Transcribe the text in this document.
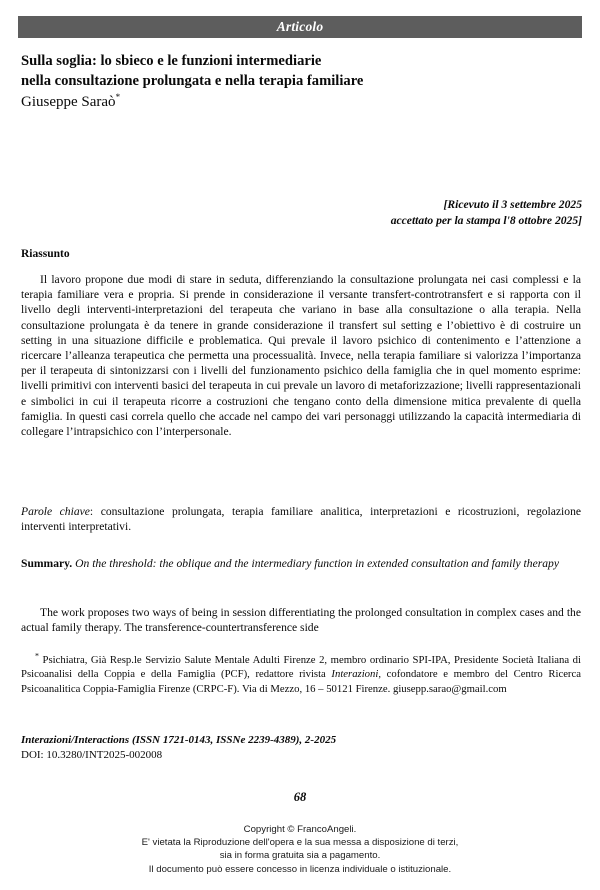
Articolo
Sulla soglia: lo sbieco e le funzioni intermediarie
nella consultazione prolungata e nella terapia familiare
Giuseppe Saraò*
[Ricevuto il 3 settembre 2025
accettato per la stampa l'8 ottobre 2025]
Riassunto

Il lavoro propone due modi di stare in seduta, differenziando la consultazione prolungata nei casi complessi e la terapia familiare vera e propria. Si prende in considerazione il versante transfert-controtransfert e si rapporta con il livello degli interventi-interpretazioni del terapeuta che variano in base alla consultazione o alla terapia. Nella consultazione prolungata è da tenere in grande considerazione il transfert sul setting e l’obiettivo è di costruire un setting in una situazione difficile e problematica. Qui prevale il lavoro psichico di contenimento e l’attenzione a ricercare l’alleanza terapeutica che permetta una processualità. Invece, nella terapia familiare si valorizza l’importanza per il terapeuta di sintonizzarsi con i livelli del funzionamento psichico della famiglia che in quel momento esprime: livelli primitivi con interventi basici del terapeuta in cui prevale un lavoro di metaforizzazione; livelli rappresentazionali e simbolici in cui il terapeuta ricorre a costruzioni che tengano conto della dimensione mitica prevalente di quella famiglia. In questi casi correla quello che accade nel campo dei vari personaggi utilizzando la capacità intermediaria di collegare l’intrapsichico con l’interpersonale.

Parole chiave: consultazione prolungata, terapia familiare analitica, interpretazioni e ricostruzioni, regolazione interventi interpretativi.
Summary. On the threshold: the oblique and the intermediary function in extended consultation and family therapy

The work proposes two ways of being in session differentiating the prolonged consultation in complex cases and the actual family therapy. The transference-countertransference side

* Psichiatra, Già Resp.le Servizio Salute Mentale Adulti Firenze 2, membro ordinario SPI-IPA, Presidente Società Italiana di Psicoanalisi della Coppia e della Famiglia (PCF), redattore rivista Interazioni, cofondatore e membro del Centro Ricerca Psicoanalitica Coppia-Famiglia Firenze (CRPC-F). Via di Mezzo, 16 – 50121 Firenze. giusepp.sarao@gmail.com

Interazioni/Interactions (ISSN 1721-0143, ISSNe 2239-4389), 2-2025
DOI: 10.3280/INT2025-002008
68
Copyright © FrancoAngeli.
E' vietata la Riproduzione dell'opera e la sua messa a disposizione di terzi,
sia in forma gratuita sia a pagamento.
Il documento può essere concesso in licenza individuale o istituzionale.
